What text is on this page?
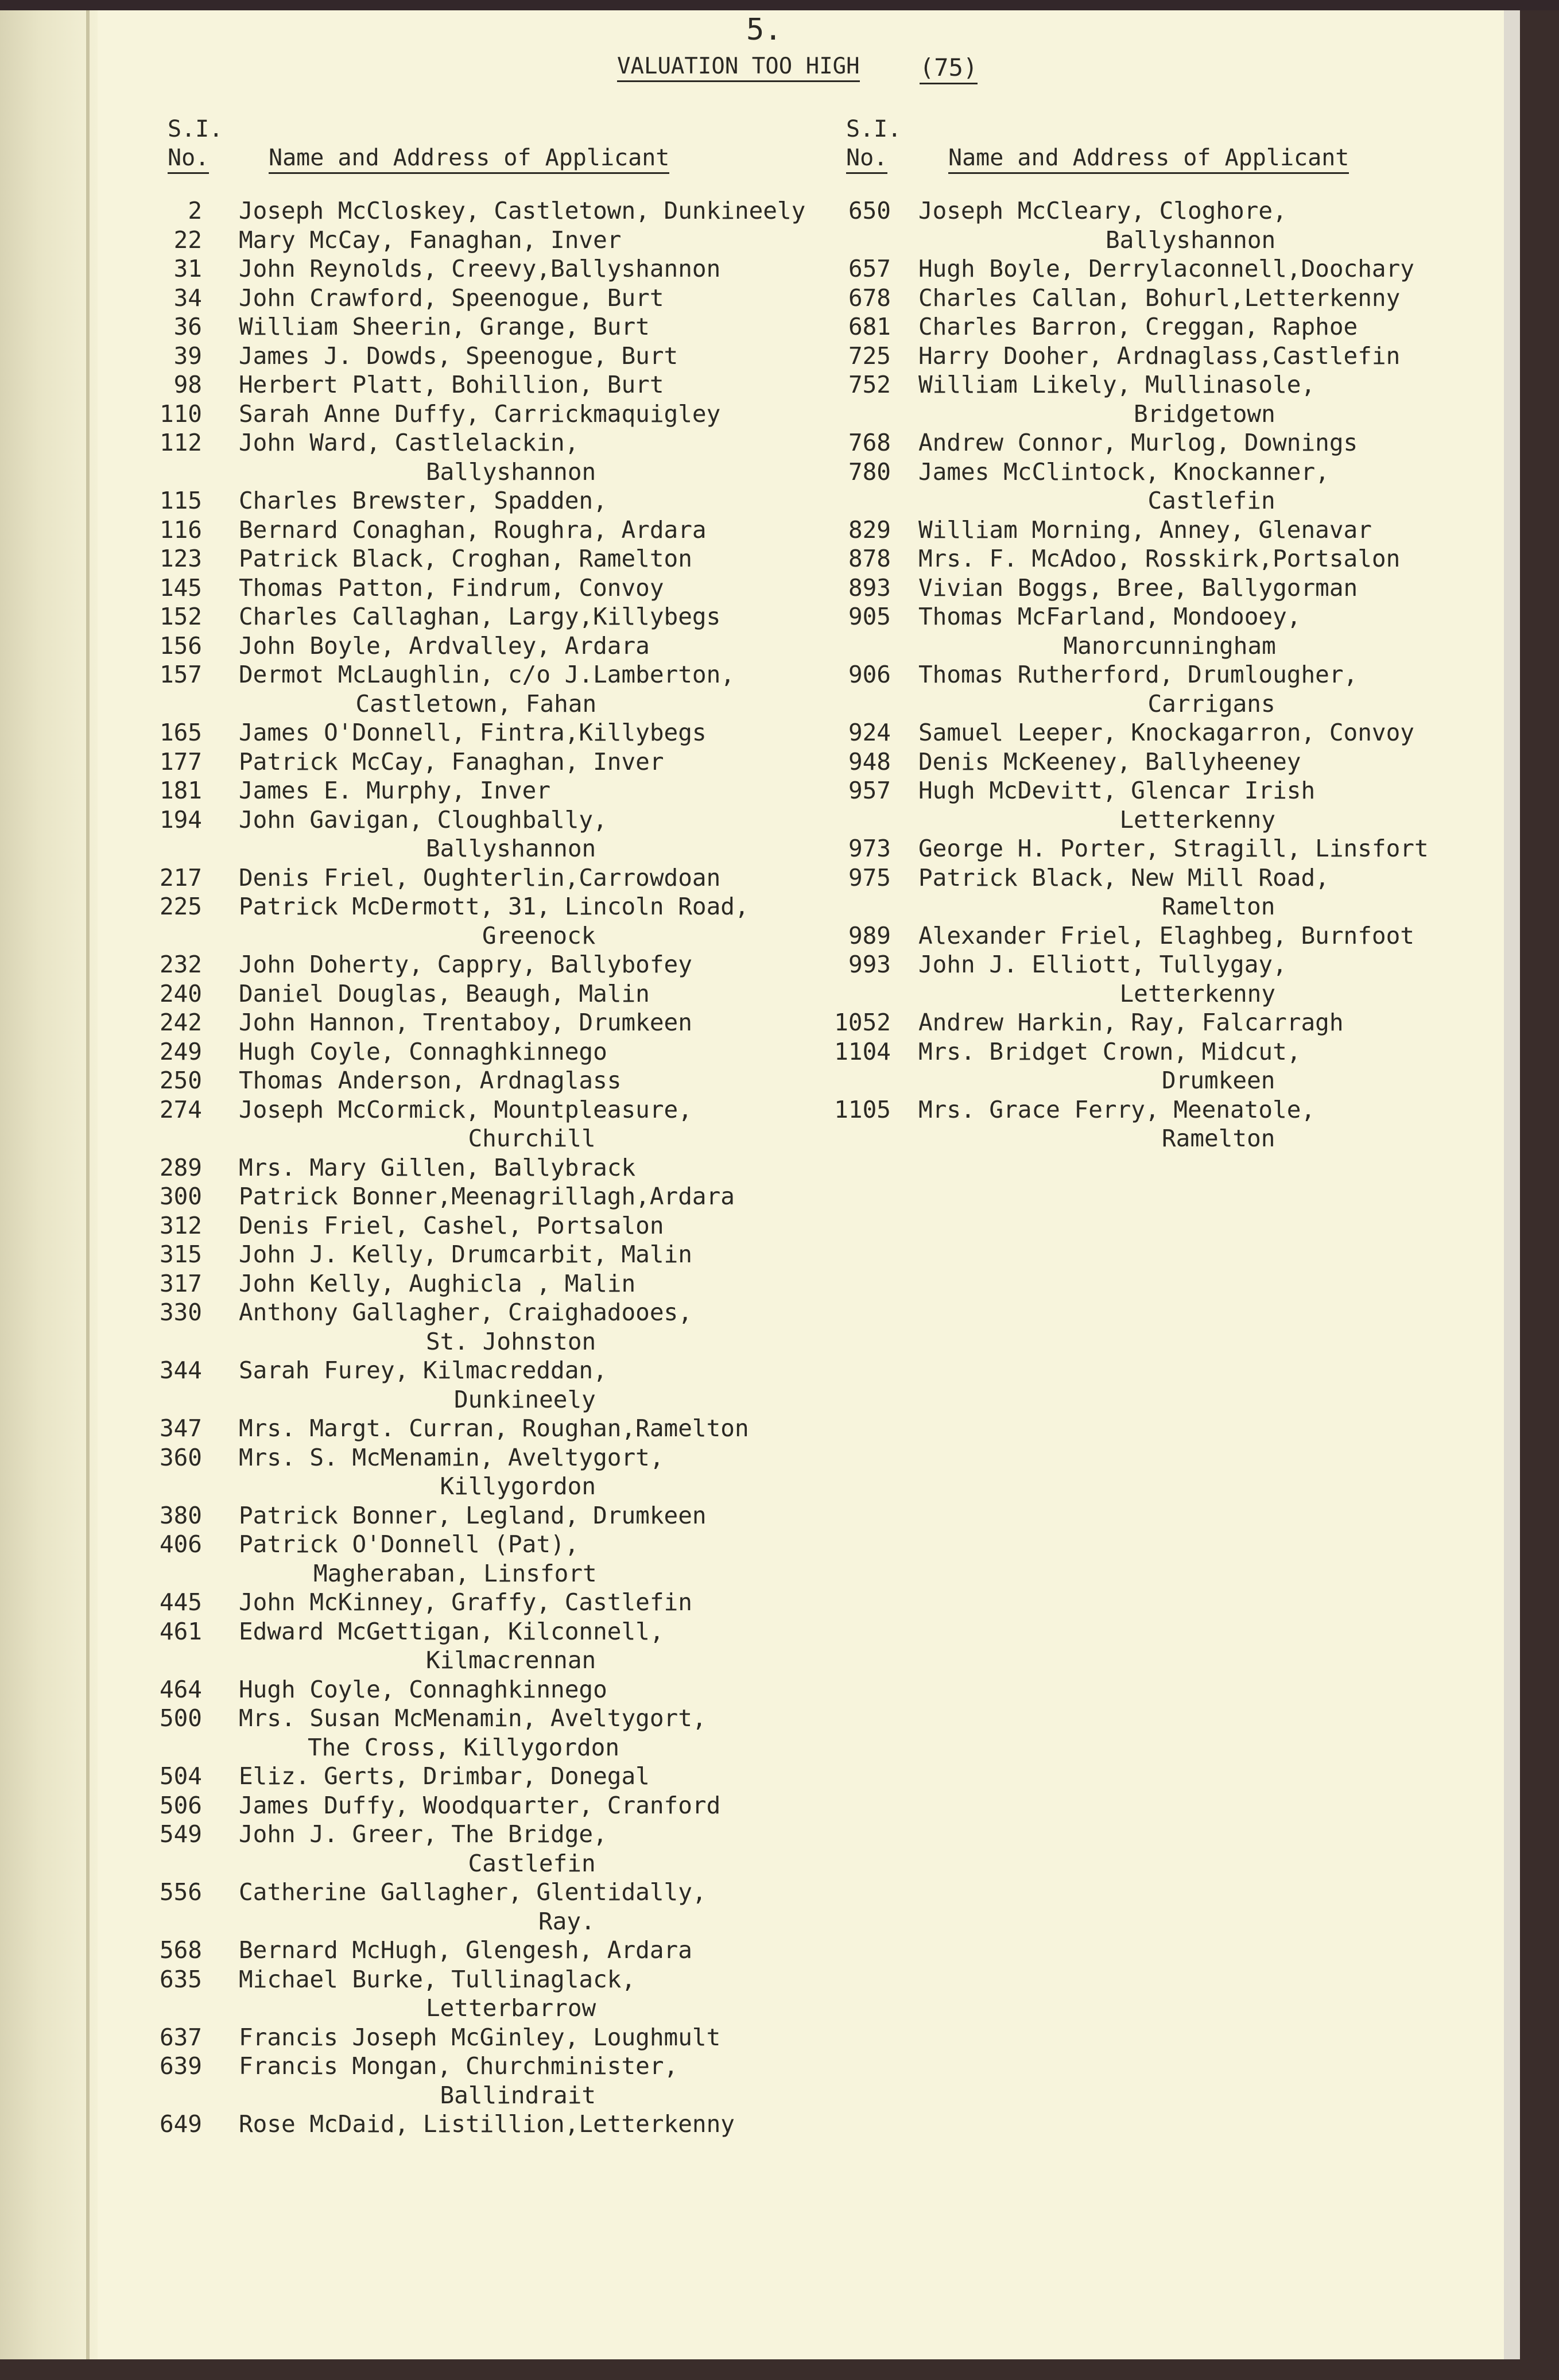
5.
VALUATION TOO HIGH (75)
S.I.
No.	Name and Address of Applicant
S.I.
No.	Name and Address of Applicant
2 Joseph McCloskey, Castletown, Dunkineely
22 Mary McCay, Fanaghan, Inver
31 John Reynolds, Creevy,Ballyshannon
34 John Crawford, Speenogue, Burt
36 William Sheerin, Grange, Burt
39 James J. Dowds, Speenogue, Burt
98 Herbert Platt, Bohillion, Burt
110 Sarah Anne Duffy, Carrickmaquigley
112 John Ward, Castlelackin,
Ballyshannon
115 Charles Brewster, Spadden,
116 Bernard Conaghan, Roughra, Ardara
123 Patrick Black, Croghan, Ramelton
145 Thomas Patton, Findrum, Convoy
152 Charles Callaghan, Largy,Killybegs
156 John Boyle, Ardvalley, Ardara
157 Dermot McLaughlin, c/o J.Lamberton,
Castletown, Fahan
165 James O'Donnell, Fintra,Killybegs
177 Patrick McCay, Fanaghan, Inver
181 James E. Murphy, Inver
194 John Gavigan, Cloughbally,
Ballyshannon
217 Denis Friel, Oughterlin,Carrowdoan
225 Patrick McDermott, 31, Lincoln Road,
Greenock
232 John Doherty, Cappry, Ballybofey
240 Daniel Douglas, Beaugh, Malin
242 John Hannon, Trentaboy, Drumkeen
249 Hugh Coyle, Connaghkinnego
250 Thomas Anderson, Ardnaglass
274 Joseph McCormick, Mountpleasure,
Churchill
289 Mrs. Mary Gillen, Ballybrack
300 Patrick Bonner,Meenagrillagh,Ardara
312 Denis Friel, Cashel, Portsalon
315 John J. Kelly, Drumcarbit, Malin
317 John Kelly, Aughicla , Malin
330 Anthony Gallagher, Craighadooes,
St. Johnston
344 Sarah Furey, Kilmacreddan,
Dunkineely
347 Mrs. Margt. Curran, Roughan,Ramelton
360 Mrs. S. McMenamin, Aveltygort,
Killygordon
380 Patrick Bonner, Legland, Drumkeen
406 Patrick O'Donnell (Pat),
Magheraban, Linsfort
445 John McKinney, Graffy, Castlefin
461 Edward McGettigan, Kilconnell,
Kilmacrennan
464 Hugh Coyle, Connaghkinnego
500 Mrs. Susan McMenamin, Aveltygort,
The Cross, Killygordon
504 Eliz. Gerts, Drimbar, Donegal
506 James Duffy, Woodquarter, Cranford
549 John J. Greer, The Bridge,
Castlefin
556 Catherine Gallagher, Glentidally,
Ray.
568 Bernard McHugh, Glengesh, Ardara
635 Michael Burke, Tullinaglack,
Letterbarrow
637 Francis Joseph McGinley, Loughmult
639 Francis Mongan, Churchminister,
Ballindrait
649 Rose McDaid, Listillion,Letterkenny
650 Joseph McCleary, Cloghore,
Ballyshannon
657 Hugh Boyle, Derrylaconnell,Doochary
678 Charles Callan, Bohurl,Letterkenny
681 Charles Barron, Creggan, Raphoe
725 Harry Dooher, Ardnaglass,Castlefin
752 William Likely, Mullinasole,
Bridgetown
768 Andrew Connor, Murlog, Downings
780 James McClintock, Knockanner,
Castlefin
829 William Morning, Anney, Glenavar
878 Mrs. F. McAdoo, Rosskirk,Portsalon
893 Vivian Boggs, Bree, Ballygorman
905 Thomas McFarland, Mondooey,
Manorcunningham
906 Thomas Rutherford, Drumlougher,
Carrigans
924 Samuel Leeper, Knockagarron, Convoy
948 Denis McKeeney, Ballyheeney
957 Hugh McDevitt, Glencar Irish
Letterkenny
973 George H. Porter, Stragill, Linsfort
975 Patrick Black, New Mill Road,
Ramelton
989 Alexander Friel, Elaghbeg, Burnfoot
993 John J. Elliott, Tullygay,
Letterkenny
1052 Andrew Harkin, Ray, Falcarragh
1104 Mrs. Bridget Crown, Midcut,
Drumkeen
1105 Mrs. Grace Ferry, Meenatole,
Ramelton
